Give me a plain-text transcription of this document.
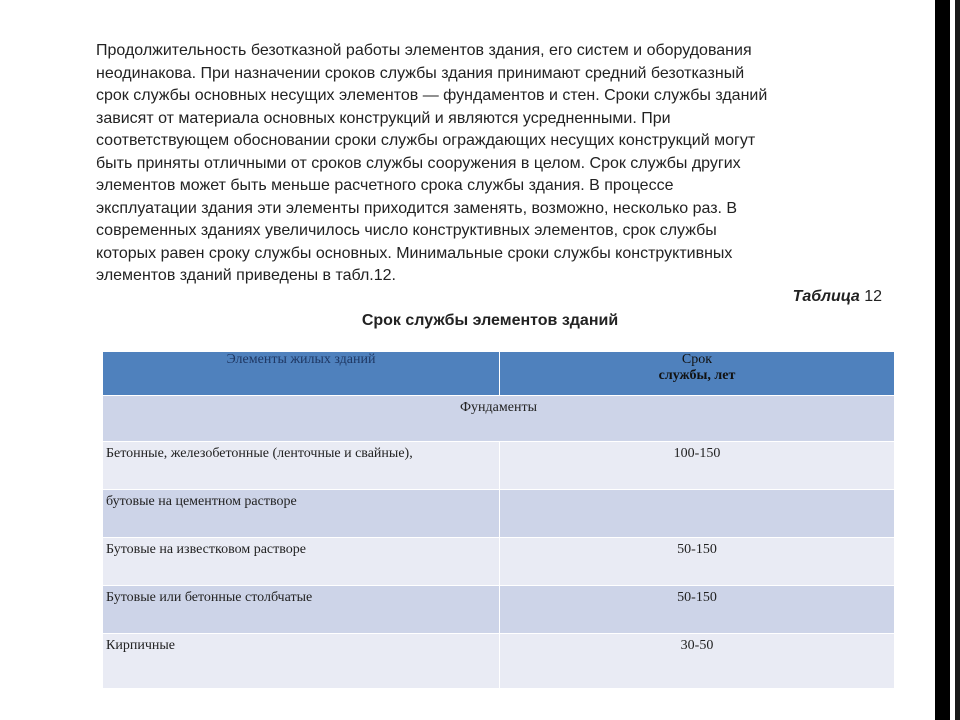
Продолжительность безотказной работы элементов здания, его систем и оборудования
неодинакова. При назначении сроков службы здания принимают средний безотказный
срок службы основных несущих элементов — фундаментов и стен. Сроки службы зданий
зависят от материала основных конструкций и являются усредненными. При
соответствующем обосновании сроки службы ограждающих несущих конструкций могут
быть приняты отличными от сроков службы сооружения в целом. Срок службы других
элементов может быть меньше расчетного срока службы здания. В процессе
эксплуатации здания эти элементы приходится заменять, возможно, несколько раз. В
современных зданиях увеличилось число конструктивных элементов, срок службы
которых равен сроку службы основных. Минимальные сроки службы конструктивных
элементов зданий приведены в табл.12.

Таблица 12

Срок службы элементов зданий

Элементы жилых зданий	Срок
службы, лет

Фундаменты	
Бетонные, железобетонные (ленточные и свайные),	100-150
бутовые на цементном растворе	
Бутовые на известковом растворе	50-150
Бутовые или бетонные столбчатые	50-150
Кирпичные	30-50
